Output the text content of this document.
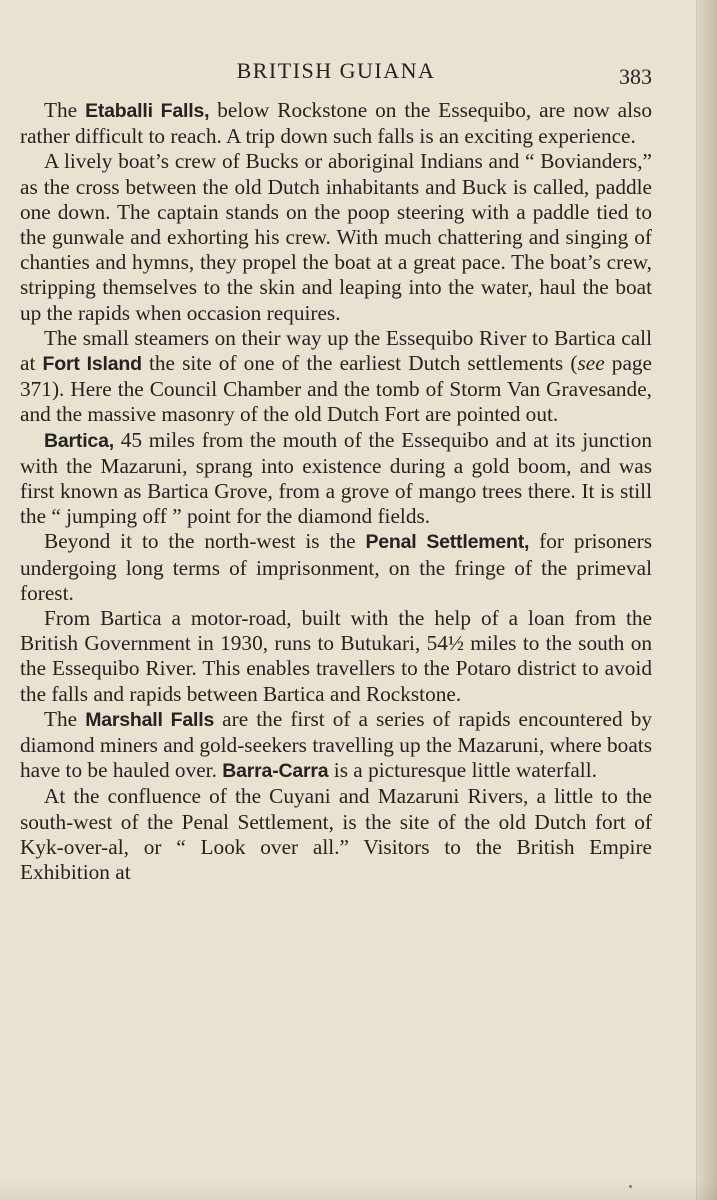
BRITISH GUIANA	383

The Etaballi Falls, below Rockstone on the Essequibo, are now also rather difficult to reach. A trip down such falls is an exciting experience.

A lively boat’s crew of Bucks or aboriginal Indians and “ Bovianders,” as the cross between the old Dutch inhabitants and Buck is called, paddle one down. The captain stands on the poop steering with a paddle tied to the gunwale and exhorting his crew. With much chattering and singing of chanties and hymns, they propel the boat at a great pace. The boat’s crew, stripping themselves to the skin and leaping into the water, haul the boat up the rapids when occasion requires.

The small steamers on their way up the Essequibo River to Bartica call at Fort Island the site of one of the earliest Dutch settlements (see page 371). Here the Council Chamber and the tomb of Storm Van Gravesande, and the massive masonry of the old Dutch Fort are pointed out.

Bartica, 45 miles from the mouth of the Essequibo and at its junction with the Mazaruni, sprang into existence during a gold boom, and was first known as Bartica Grove, from a grove of mango trees there. It is still the “ jumping off ” point for the diamond fields.

Beyond it to the north-west is the Penal Settlement, for prisoners undergoing long terms of imprisonment, on the fringe of the primeval forest.

From Bartica a motor-road, built with the help of a loan from the British Government in 1930, runs to Butukari, 54½ miles to the south on the Essequibo River. This enables travellers to the Potaro district to avoid the falls and rapids between Bartica and Rockstone.

The Marshall Falls are the first of a series of rapids encountered by diamond miners and gold-seekers travelling up the Mazaruni, where boats have to be hauled over. Barra-Carra is a picturesque little waterfall.

At the confluence of the Cuyani and Mazaruni Rivers, a little to the south-west of the Penal Settlement, is the site of the old Dutch fort of Kyk-over-al, or “ Look over all.” Visitors to the British Empire Exhibition at
